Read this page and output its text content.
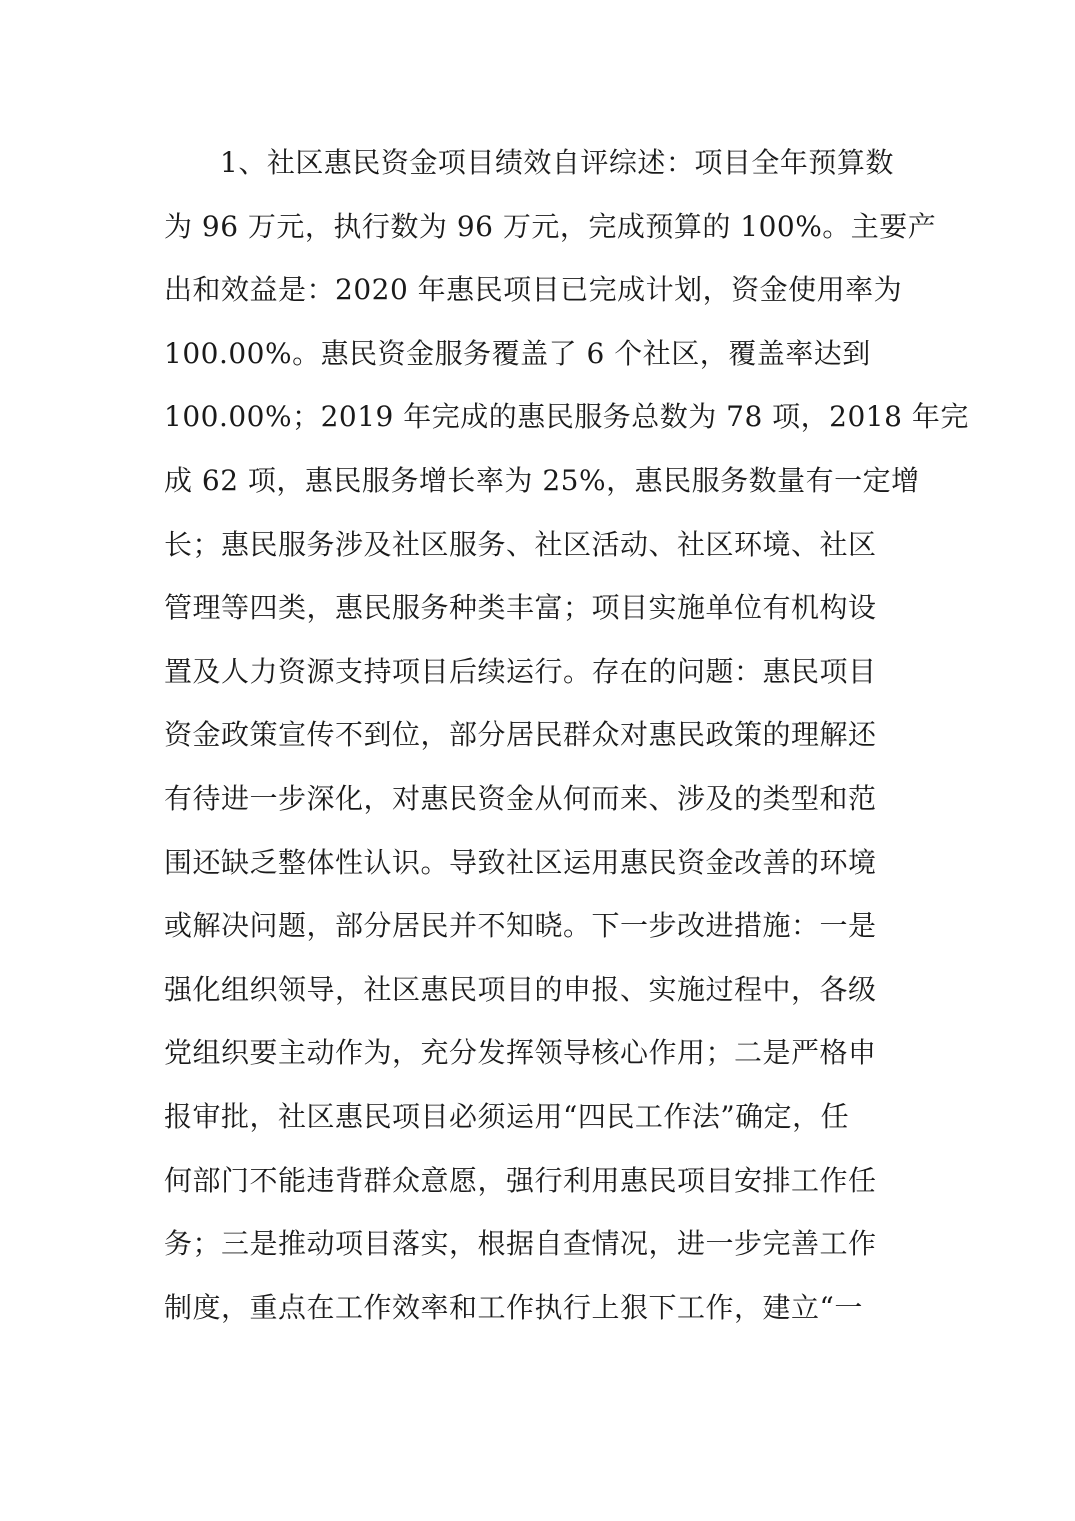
1、社区惠民资金项目绩效自评综述：项目全年预算数
为 96 万元，执行数为 96 万元，完成预算的 100%。主要产
出和效益是：2020 年惠民项目已完成计划，资金使用率为
100.00%。惠民资金服务覆盖了 6 个社区，覆盖率达到
100.00%；2019 年完成的惠民服务总数为 78 项，2018 年完
成 62 项，惠民服务增长率为 25%，惠民服务数量有一定增
长；惠民服务涉及社区服务、社区活动、社区环境、社区
管理等四类，惠民服务种类丰富；项目实施单位有机构设
置及人力资源支持项目后续运行。存在的问题：惠民项目
资金政策宣传不到位，部分居民群众对惠民政策的理解还
有待进一步深化，对惠民资金从何而来、涉及的类型和范
围还缺乏整体性认识。导致社区运用惠民资金改善的环境
或解决问题，部分居民并不知晓。下一步改进措施：一是
强化组织领导，社区惠民项目的申报、实施过程中，各级
党组织要主动作为，充分发挥领导核心作用；二是严格申
报审批，社区惠民项目必须运用“四民工作法”确定，任
何部门不能违背群众意愿，强行利用惠民项目安排工作任
务；三是推动项目落实，根据自查情况，进一步完善工作
制度，重点在工作效率和工作执行上狠下工作，建立“一
